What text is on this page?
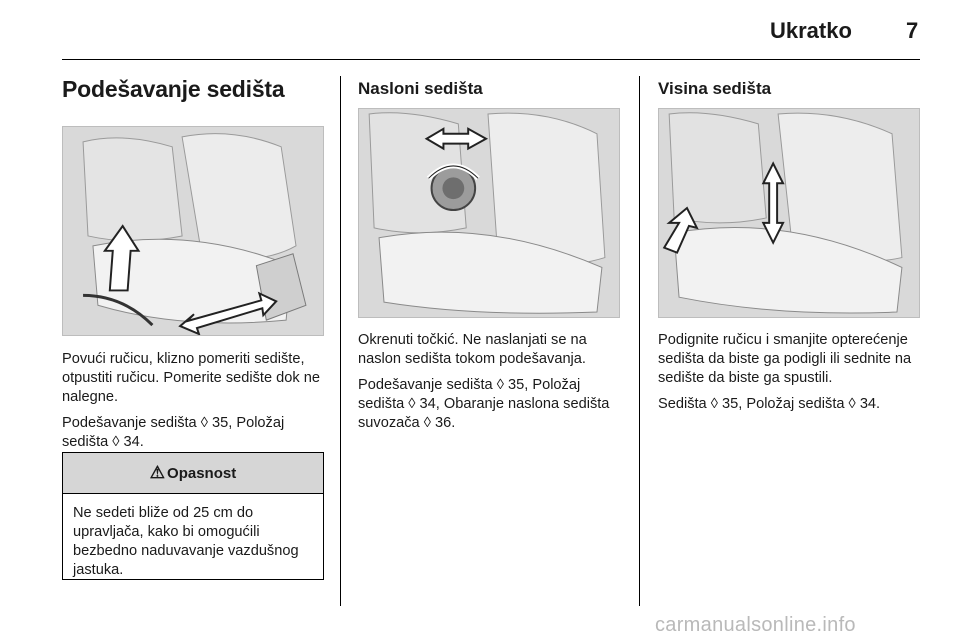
Ukratko 7
Podešavanje sedišta

Povući ručicu, klizno pomeriti sedište, otpustiti ručicu. Pomerite sedište dok ne nalegne.

Podešavanje sedišta ◊ 35, Položaj sedišta ◊ 34.

⚠ Opasnost
Ne sedeti bliže od 25 cm do upravljača, kako bi omogućili bezbedno naduvavanje vazdušnog jastuka.
Nasloni sedišta

Okrenuti točkić. Ne naslanjati se na naslon sedišta tokom podešavanja.

Podešavanje sedišta ◊ 35, Položaj sedišta ◊ 34, Obaranje naslona sedišta suvozača ◊ 36.

Visina sedišta

Podignite ručicu i smanjite opterećenje sedišta da biste ga podigli ili sednite na sedište da biste ga spustili.

Sedišta ◊ 35, Položaj sedišta ◊ 34.

carmanualsonline.info
